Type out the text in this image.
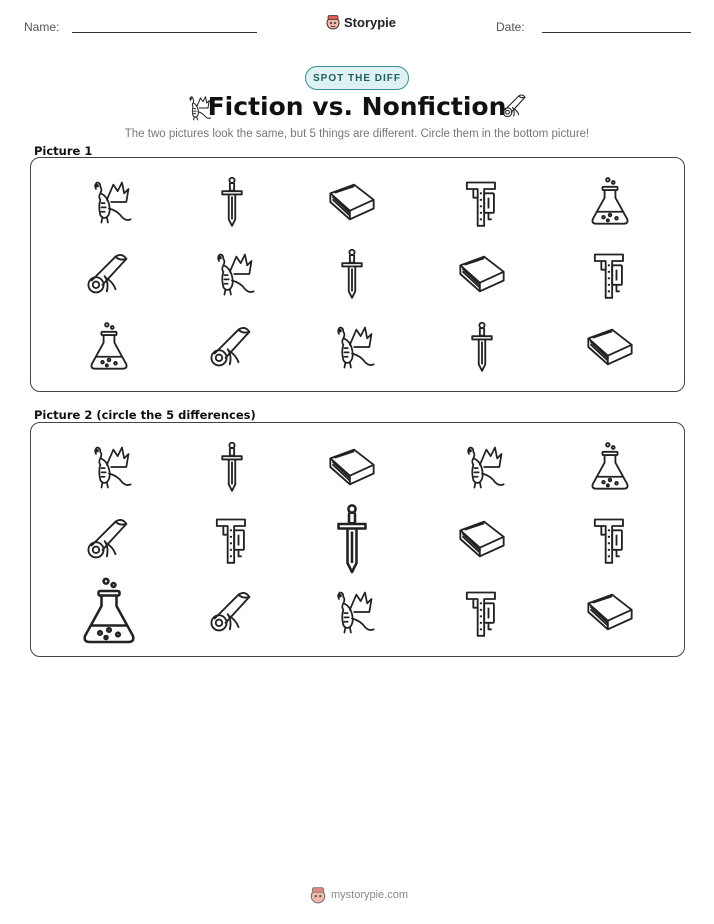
Name:	Storypie	Date:
SPOT THE DIFF
Fiction vs. Nonfiction
The two pictures look the same, but 5 things are different. Circle them in the bottom picture!
Picture 1
Picture 2 (circle the 5 differences)
mystorypie.com
